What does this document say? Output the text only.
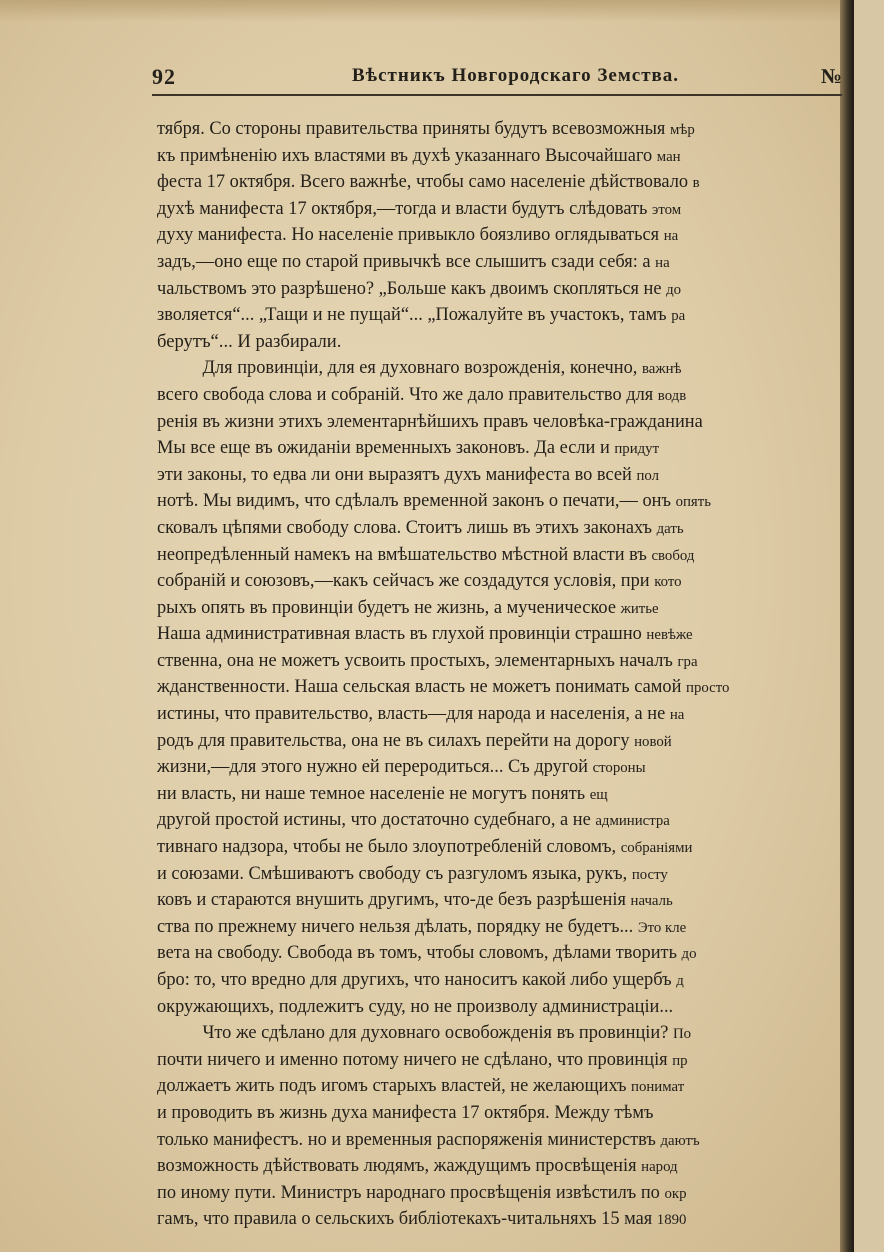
92	Вѣстникъ Новгородскаго Земства.	№
тября. Со стороны правительства приняты будутъ всевозможныя мѣр
къ примѣненію ихъ властями въ духѣ указаннаго Высочайшаго ман
феста 17 октября. Всего важнѣе, чтобы само населеніе дѣйствовало в
духѣ манифеста 17 октября,—тогда и власти будутъ слѣдовать этом
духу манифеста. Но населеніе привыкло боязливо оглядываться на
задъ,—оно еще по старой привычкѣ все слышитъ сзади себя: а на
чальствомъ это разрѣшено? „Больше какъ двоимъ скопляться не до
зволяется“... „Тащи и не пущай“... „Пожалуйте въ участокъ, тамъ ра
берутъ“... И разбирали.
Для провинціи, для ея духовнаго возрожденія, конечно, важнѣ
всего свобода слова и собраній. Что же дало правительство для водв
ренія въ жизни этихъ элементарнѣйшихъ правъ человѣка-гражданина
Мы все еще въ ожиданіи временныхъ законовъ. Да если и придут
эти законы, то едва ли они выразятъ духъ манифеста во всей пол
нотѣ. Мы видимъ, что сдѣлалъ временной законъ о печати,— онъ опять
сковалъ цѣпями свободу слова. Стоитъ лишь въ этихъ законахъ дать
неопредѣленный намекъ на вмѣшательство мѣстной власти въ свобод
собраній и союзовъ,—какъ сейчасъ же создадутся условія, при кото
рыхъ опять въ провинціи будетъ не жизнь, а мученическое житье
Наша административная власть въ глухой провинціи страшно невѣже
ственна, она не можетъ усвоить простыхъ, элементарныхъ началъ гра
жданственности. Наша сельская власть не можетъ понимать самой просто
истины, что правительство, власть—для народа и населенія, а не на
родъ для правительства, она не въ силахъ перейти на дорогу новой
жизни,—для этого нужно ей переродиться... Съ другой стороны
ни власть, ни наше темное населеніе не могутъ понять ещ
другой простой истины, что достаточно судебнаго, а не администра
тивнаго надзора, чтобы не было злоупотребленій словомъ, собраніями
и союзами. Смѣшиваютъ свободу съ разгуломъ языка, рукъ, посту
ковъ и стараются внушить другимъ, что-де безъ разрѣшенія началь
ства по прежнему ничего нельзя дѣлать, порядку не будетъ... Это кле
вета на свободу. Свобода въ томъ, чтобы словомъ, дѣлами творить до
бро: то, что вредно для другихъ, что наноситъ какой либо ущербъ д
окружающихъ, подлежитъ суду, но не произволу администраціи...
Что же сдѣлано для духовнаго освобожденія въ провинціи? По
почти ничего и именно потому ничего не сдѣлано, что провинція пр
должаетъ жить подъ игомъ старыхъ властей, не желающихъ понимат
и проводить въ жизнь духа манифеста 17 октября. Между тѣмъ
только манифестъ. но и временныя распоряженія министерствъ даютъ
возможность дѣйствовать людямъ, жаждущимъ просвѣщенія народ
по иному пути. Министръ народнаго просвѣщенія извѣстилъ по окр
гамъ, что правила о сельскихъ библіотекахъ-читальняхъ 15 мая 1890
